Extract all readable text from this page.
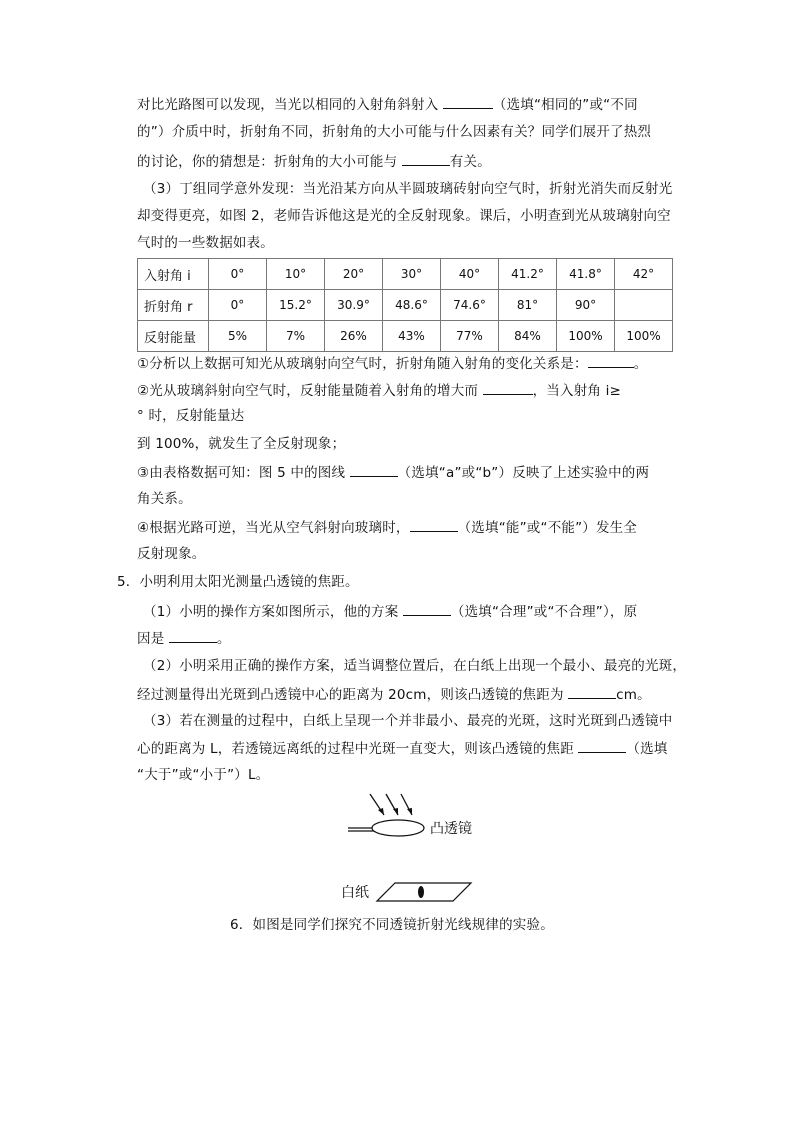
对比光路图可以发现，当光以相同的入射角斜射入	（选填“相同的”或“不同
的”）介质中时，折射角不同，折射角的大小可能与什么因素有关？同学们展开了热烈
的讨论，你的猜想是：折射角的大小可能与	有关。
（3）丁组同学意外发现：当光沿某方向从半圆玻璃砖射向空气时，折射光消失而反射光
却变得更亮，如图 2，老师告诉他这是光的全反射现象。课后，小明查到光从玻璃射向空
气时的一些数据如表。
入射角 i	0°	10°	20°	30°	40°	41.2°	41.8°	42°
折射角 r	0°	15.2°	30.9°	48.6°	74.6°	81°	90°	
反射能量	5%	7%	26%	43%	77%	84%	100%	100%
①分析以上数据可知光从玻璃射向空气时，折射角随入射角的变化关系是：	。
②光从玻璃斜射向空气时，反射能量随着入射角的增大而	，当入射角 i≥
° 时，反射能量达
到 100%，就发生了全反射现象；
③由表格数据可知：图 5 中的图线	（选填“a”或“b”）反映了上述实验中的两
角关系。
④根据光路可逆，当光从空气斜射向玻璃时，	（选填“能”或“不能”）发生全
反射现象。
5．小明利用太阳光测量凸透镜的焦距。
（1）小明的操作方案如图所示，他的方案	（选填“合理”或“不合理”），原
因是	。
（2）小明采用正确的操作方案，适当调整位置后，在白纸上出现一个最小、最亮的光斑，
经过测量得出光斑到凸透镜中心的距离为 20cm，则该凸透镜的焦距为	cm。
（3）若在测量的过程中，白纸上呈现一个并非最小、最亮的光斑，这时光斑到凸透镜中
心的距离为 L，若透镜远离纸的过程中光斑一直变大，则该凸透镜的焦距	（选填
“大于”或“小于”）L。
凸透镜
白纸
6．如图是同学们探究不同透镜折射光线规律的实验。
